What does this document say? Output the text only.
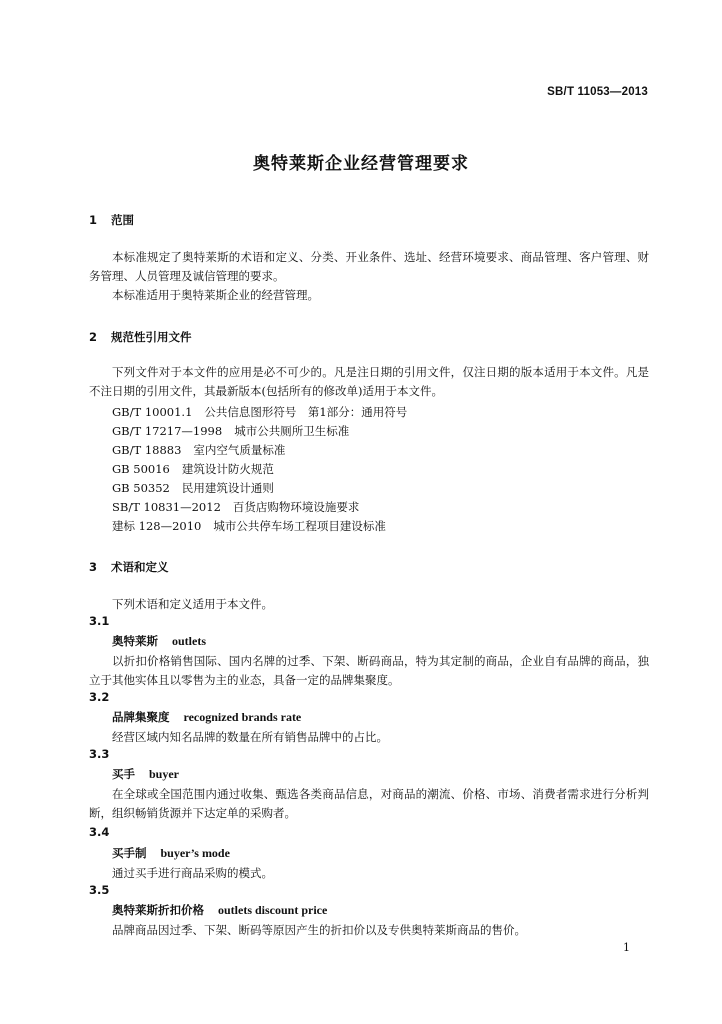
SB/T 11053—2013
奥特莱斯企业经营管理要求
1 范围
本标准规定了奥特莱斯的术语和定义、分类、开业条件、选址、经营环境要求、商品管理、客户管理、财务管理、人员管理及诚信管理的要求。
本标准适用于奥特莱斯企业的经营管理。
2 规范性引用文件
下列文件对于本文件的应用是必不可少的。凡是注日期的引用文件，仅注日期的版本适用于本文件。凡是不注日期的引用文件，其最新版本(包括所有的修改单)适用于本文件。
GB/T 10001.1 公共信息图形符号　第1部分：通用符号
GB/T 17217—1998 城市公共厕所卫生标准
GB/T 18883 室内空气质量标准
GB 50016 建筑设计防火规范
GB 50352 民用建筑设计通则
SB/T 10831—2012 百货店购物环境设施要求
建标 128—2010 城市公共停车场工程项目建设标准
3 术语和定义
下列术语和定义适用于本文件。
3.1
奥特莱斯 outlets
以折扣价格销售国际、国内名牌的过季、下架、断码商品，特为其定制的商品，企业自有品牌的商品，独立于其他实体且以零售为主的业态，具备一定的品牌集聚度。
3.2
品牌集聚度 recognized brands rate
经营区域内知名品牌的数量在所有销售品牌中的占比。
3.3
买手 buyer
在全球或全国范围内通过收集、甄选各类商品信息，对商品的潮流、价格、市场、消费者需求进行分析判断，组织畅销货源并下达定单的采购者。
3.4
买手制 buyer’s mode
通过买手进行商品采购的模式。
3.5
奥特莱斯折扣价格 outlets discount price
品牌商品因过季、下架、断码等原因产生的折扣价以及专供奥特莱斯商品的售价。
1
